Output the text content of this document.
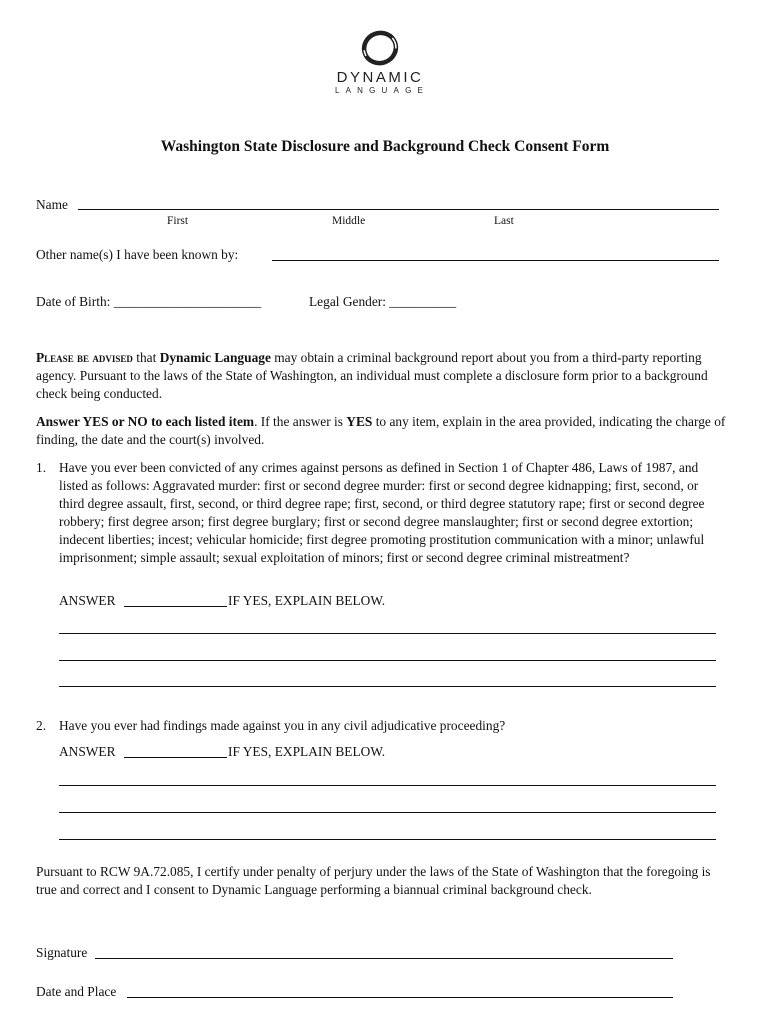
DYNAMIC
LANGUAGE
Washington State Disclosure and Background Check Consent Form
Name
First	Middle	Last
Other name(s) I have been known by:
Date of Birth: ______________________	Legal Gender: __________
Please be advised that Dynamic Language may obtain a criminal background report about you from a third-party reporting agency. Pursuant to the laws of the State of Washington, an individual must complete a disclosure form prior to a background check being conducted.
Answer YES or NO to each listed item. If the answer is YES to any item, explain in the area provided, indicating the charge of finding, the date and the court(s) involved.
1. Have you ever been convicted of any crimes against persons as defined in Section 1 of Chapter 486, Laws of 1987, and listed as follows: Aggravated murder: first or second degree murder: first or second degree kidnapping; first, second, or third degree assault, first, second, or third degree rape; first, second, or third degree statutory rape; first or second degree robbery; first degree arson; first degree burglary; first or second degree manslaughter; first or second degree extortion; indecent liberties; incest; vehicular homicide; first degree promoting prostitution communication with a minor; unlawful imprisonment; simple assault; sexual exploitation of minors; first or second degree criminal mistreatment?
ANSWER	IF YES, EXPLAIN BELOW.
2. Have you ever had findings made against you in any civil adjudicative proceeding?
ANSWER	IF YES, EXPLAIN BELOW.
Pursuant to RCW 9A.72.085, I certify under penalty of perjury under the laws of the State of Washington that the foregoing is true and correct and I consent to Dynamic Language performing a biannual criminal background check.
Signature
Date and Place
